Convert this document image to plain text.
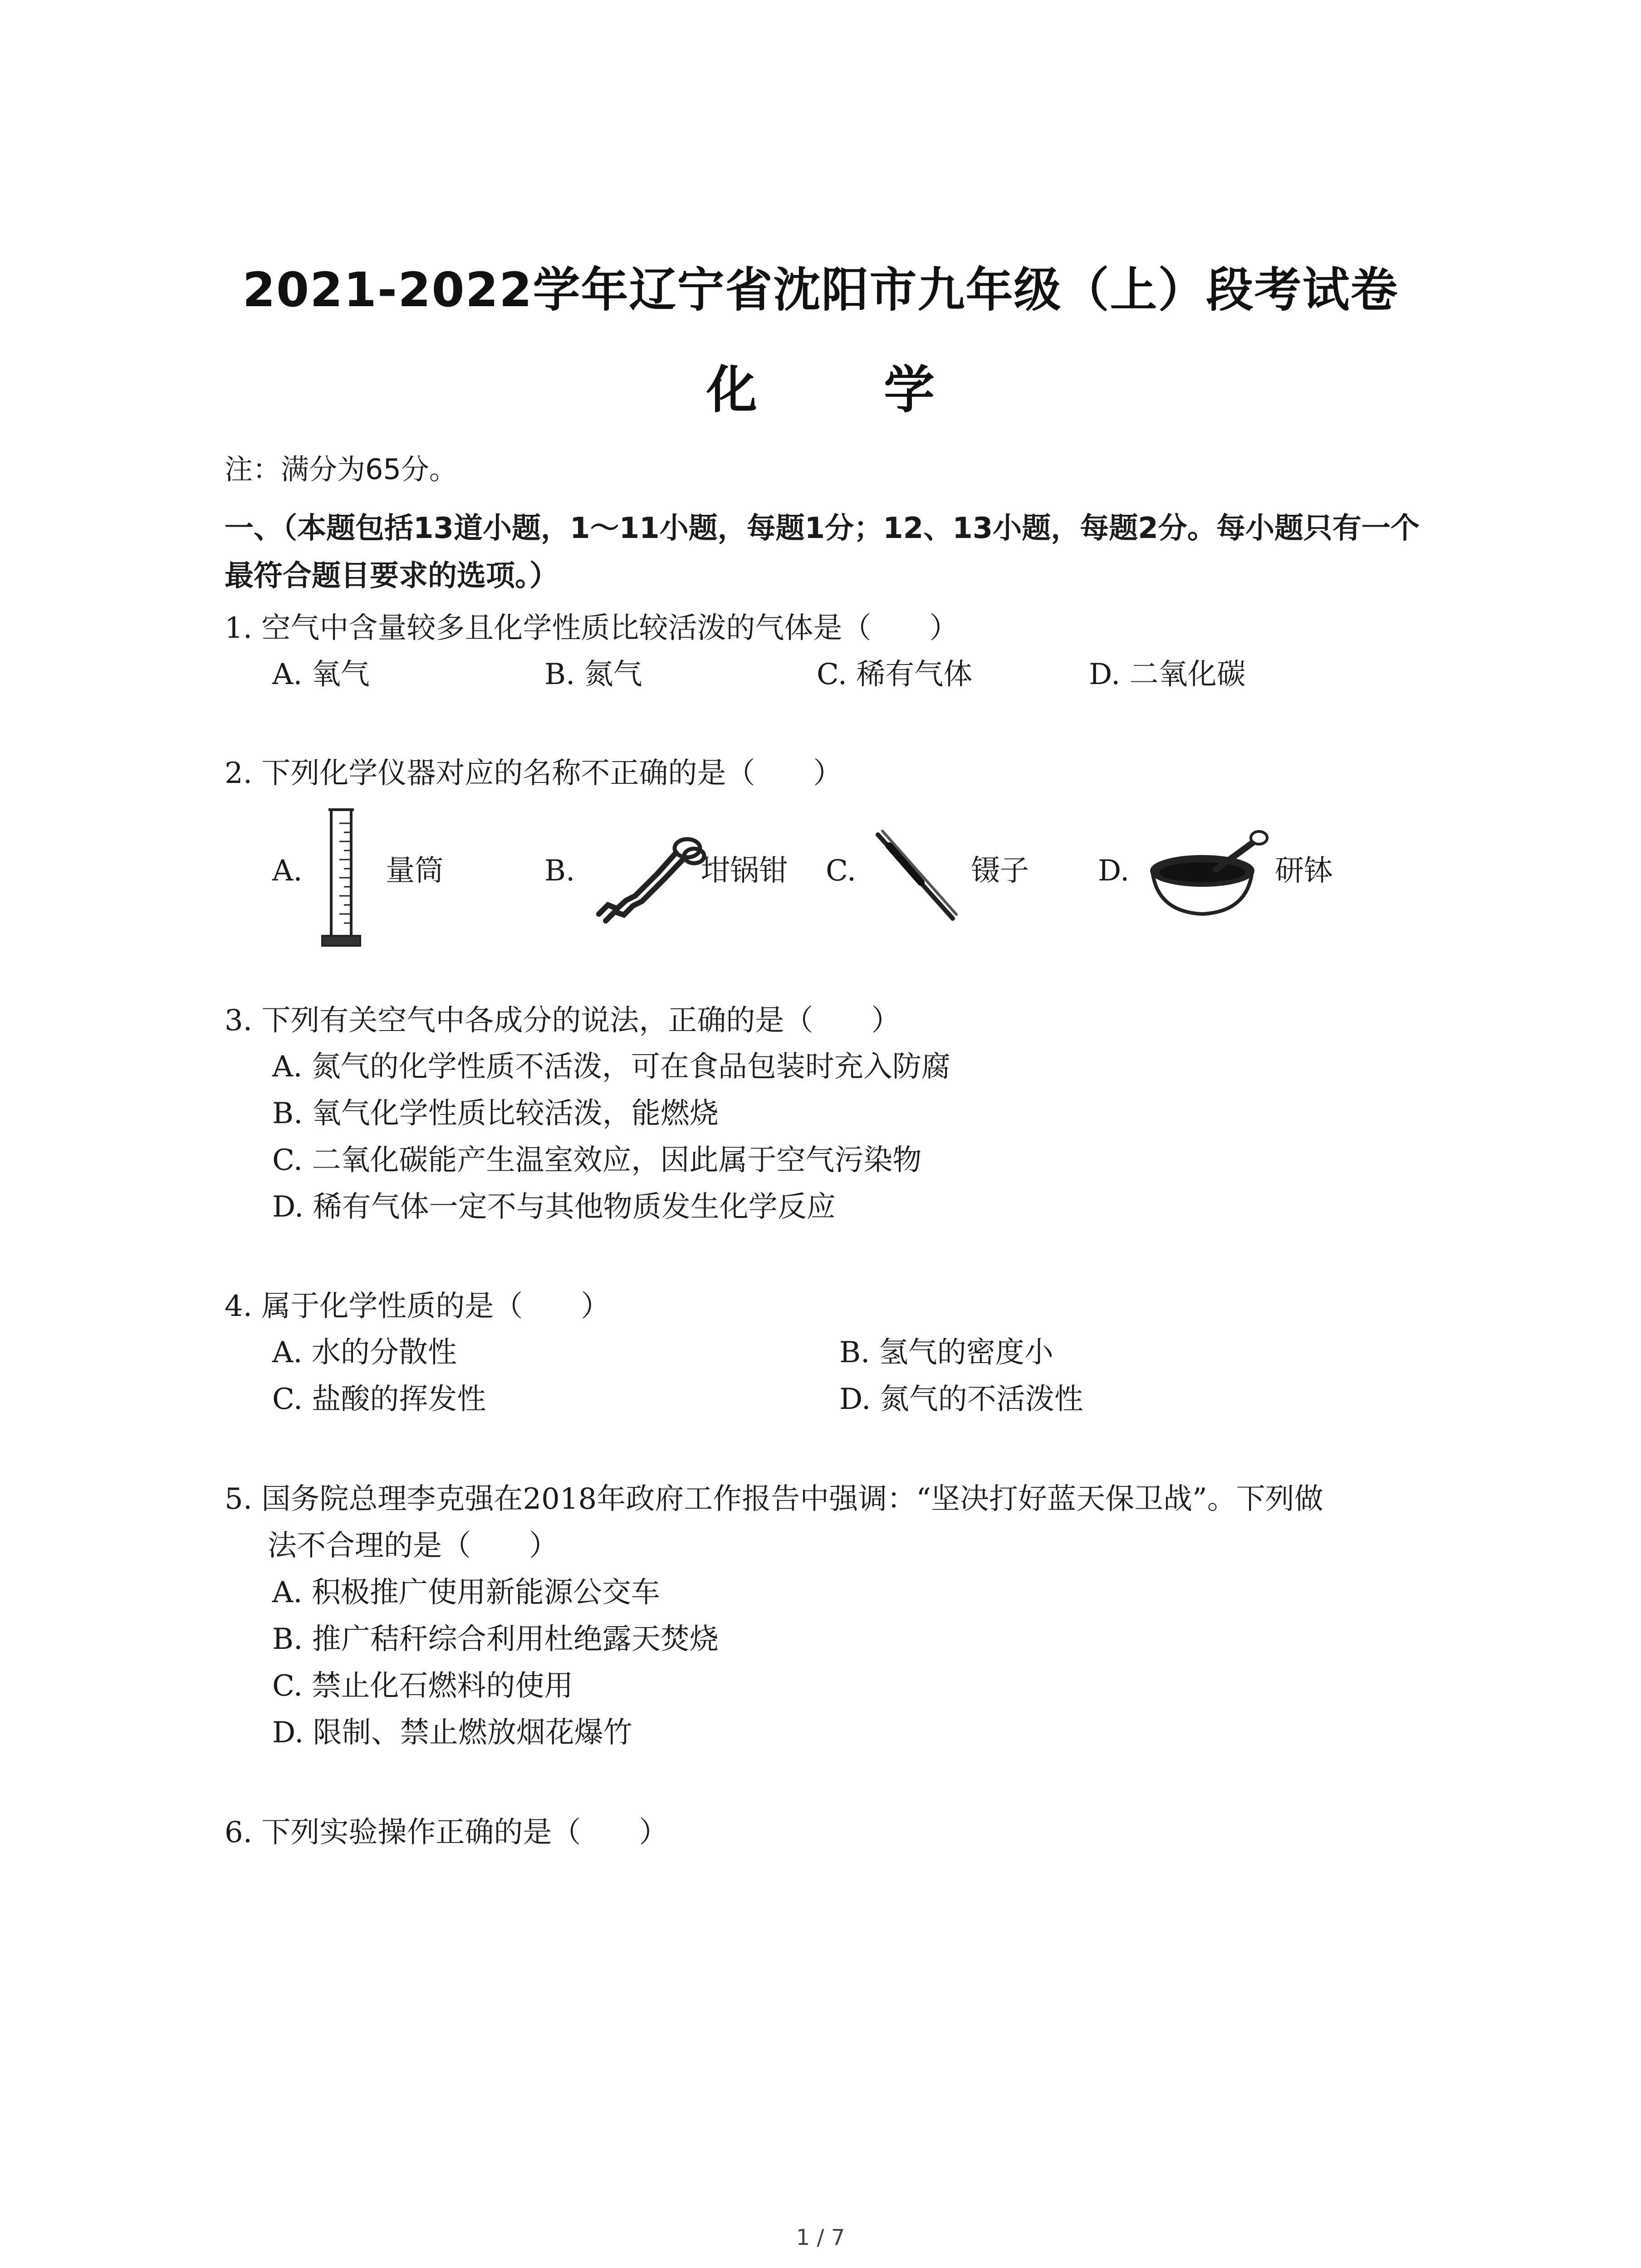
2021-2022学年辽宁省沈阳市九年级（上）段考试卷
化 学
注：满分为65分。
一、（本题包括13道小题，1～11小题，每题1分；12、13小题，每题2分。每小题只有一个
最符合题目要求的选项。）
1. 空气中含量较多且化学性质比较活泼的气体是（　　）
A. 氧气	B. 氮气	C. 稀有气体	D. 二氧化碳
2. 下列化学仪器对应的名称不正确的是（　　）
A.	量筒	B.	坩锅钳 C.	镊子 D.	研钵
3. 下列有关空气中各成分的说法，正确的是（　　）
A. 氮气的化学性质不活泼，可在食品包装时充入防腐
B. 氧气化学性质比较活泼，能燃烧
C. 二氧化碳能产生温室效应，因此属于空气污染物
D. 稀有气体一定不与其他物质发生化学反应
4. 属于化学性质的是（　　）
A. 水的分散性	B. 氢气的密度小
C. 盐酸的挥发性	D. 氮气的不活泼性
5. 国务院总理李克强在2018年政府工作报告中强调：“坚决打好蓝天保卫战”。下列做
法不合理的是（　　）
A. 积极推广使用新能源公交车
B. 推广秸秆综合利用杜绝露天焚烧
C. 禁止化石燃料的使用
D. 限制、禁止燃放烟花爆竹
6. 下列实验操作正确的是（　　）
1 / 7
